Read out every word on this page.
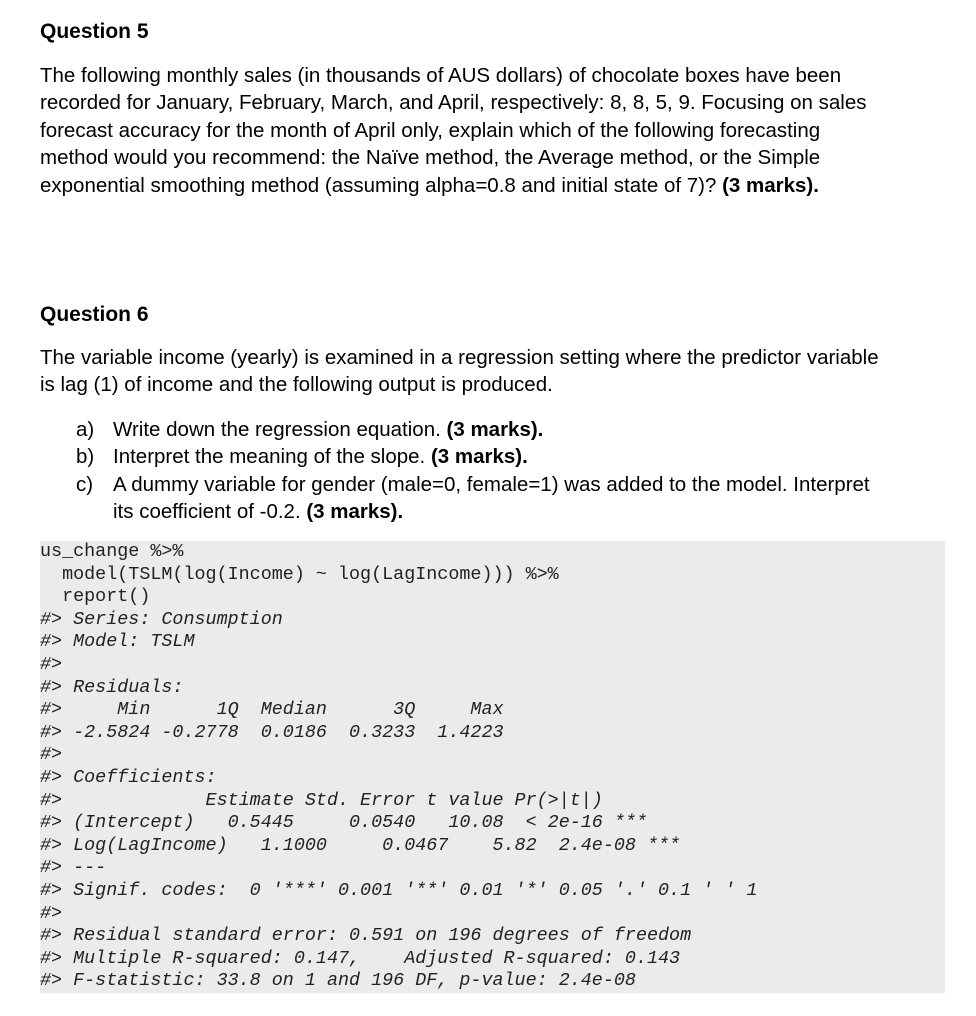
Question 5

The following monthly sales (in thousands of AUS dollars) of chocolate boxes have been
recorded for January, February, March, and April, respectively: 8, 8, 5, 9. Focusing on sales
forecast accuracy for the month of April only, explain which of the following forecasting
method would you recommend: the Naïve method, the Average method, or the Simple
exponential smoothing method (assuming alpha=0.8 and initial state of 7)? (3 marks).

Question 6

The variable income (yearly) is examined in a regression setting where the predictor variable
is lag (1) of income and the following output is produced.

a) Write down the regression equation. (3 marks).
b) Interpret the meaning of the slope. (3 marks).
c) A dummy variable for gender (male=0, female=1) was added to the model. Interpret
its coefficient of -0.2. (3 marks).
us_change %>%
model(TSLM(log(Income) ~ log(LagIncome))) %>%
report()
#> Series: Consumption
#> Model: TSLM
#>
#> Residuals:
#>     Min      1Q  Median      3Q     Max
#> -2.5824 -0.2778  0.0186  0.3233  1.4223
#>
#> Coefficients:
#>             Estimate Std. Error t value Pr(>|t|)
#> (Intercept)   0.5445     0.0540   10.08  < 2e-16 ***
#> Log(LagIncome)   1.1000     0.0467    5.82  2.4e-08 ***
#> ---
#> Signif. codes:  0 '***' 0.001 '**' 0.01 '*' 0.05 '.' 0.1 ' ' 1
#>
#> Residual standard error: 0.591 on 196 degrees of freedom
#> Multiple R-squared: 0.147,    Adjusted R-squared: 0.143
#> F-statistic: 33.8 on 1 and 196 DF, p-value: 2.4e-08
